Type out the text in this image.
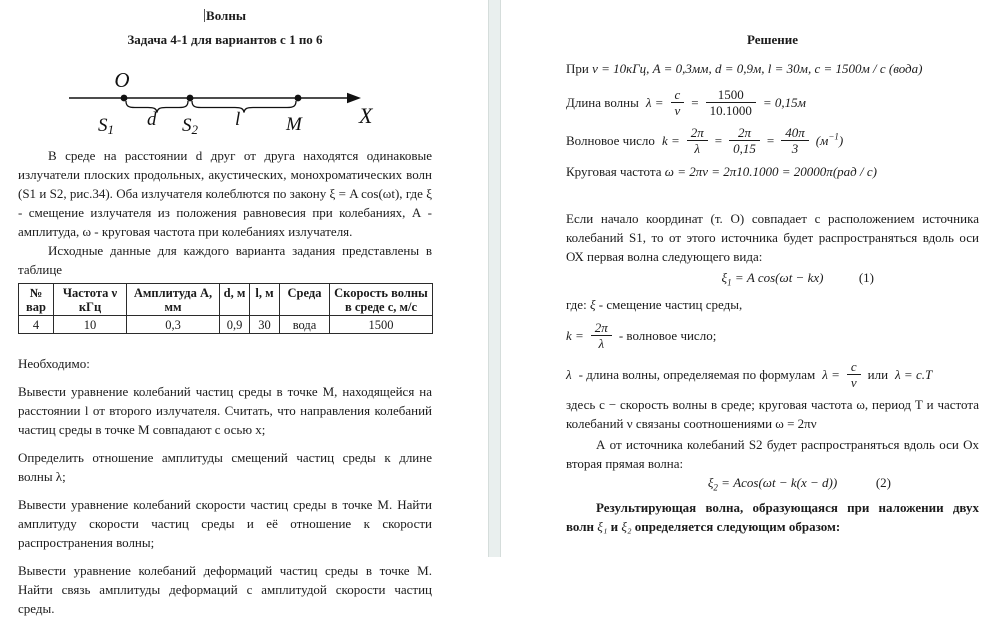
Волны
Задача 4-1 для вариантов с 1 по 6
O
S1 d S2 l M	X

В среде на расстоянии d друг от друга находятся одинаковые излучатели плоских продольных, акустических, монохроматических волн (S1 и S2, рис.34). Оба излучателя колеблются по закону ξ = A cos(ωt), где ξ - смещение излучателя из положения равновесия при колебаниях, А - амплитуда, ω - круговая частота при колебаниях излучателя.

Исходные данные для каждого варианта задания представлены в таблице

№ вар	Частота ν кГц	Амплитуда А, мм	d, м	l, м	Среда	Скорость волны в среде с, м/с
4	10	0,3	0,9	30	вода	1500

Необходимо:

Вывести уравнение колебаний частиц среды в точке М, находящейся на расстоянии l от второго излучателя. Считать, что направления колебаний частиц среды в точке М совпадают с осью х;

Определить отношение амплитуды смещений частиц среды к длине волны λ;

Вывести уравнение колебаний скорости частиц среды в точке М. Найти амплитуду скорости частиц среды и её отношение к скорости распространения волны;

Вывести уравнение колебаний деформаций частиц среды в точке М. Найти связь амплитуды деформаций с амплитудой скорости частиц среды.

Решение
При ν = 10кГц, A = 0,3мм, d = 0,9м, l = 30м, c = 1500м / с (вода)
Длина волны $\lambda = \frac{c}{\nu} = \frac{1500}{10.1000} = 0,15м$
Волновое число $k = \frac{2\pi}{\lambda} = \frac{2\pi}{0,15} = \frac{40\pi}{3} (м^{-1})$
Круговая частота ω = 2πν = 2π10.1000 = 20000π(рад / с)

Если начало координат (т. О) совпадает с расположением источника колебаний S1, то от этого источника будет распространяться вдоль оси ОХ первая волна следующего вида:

$\xi_1 = A$ cos(ωt − kx)	(1)
где: ξ - смещение частиц среды,
$k = \frac{2\pi}{\lambda}$ - волновое число;
λ - длина волны, определяемая по формулам $\lambda = \frac{c}{\nu}$ или λ = c.T

здесь с − скорость волны в среде; круговая частота ω, период Т и частота колебаний ν связаны соотношениями ω = 2πν

А от источника колебаний S2 будет распространяться вдоль оси Ох вторая прямая волна:

$\xi_2 = Acos(\omega t - k(x - d))$	(2)

Результирующая волна, образующаяся при наложении двух волн ξ₁ и ξ₂ определяется следующим образом:
